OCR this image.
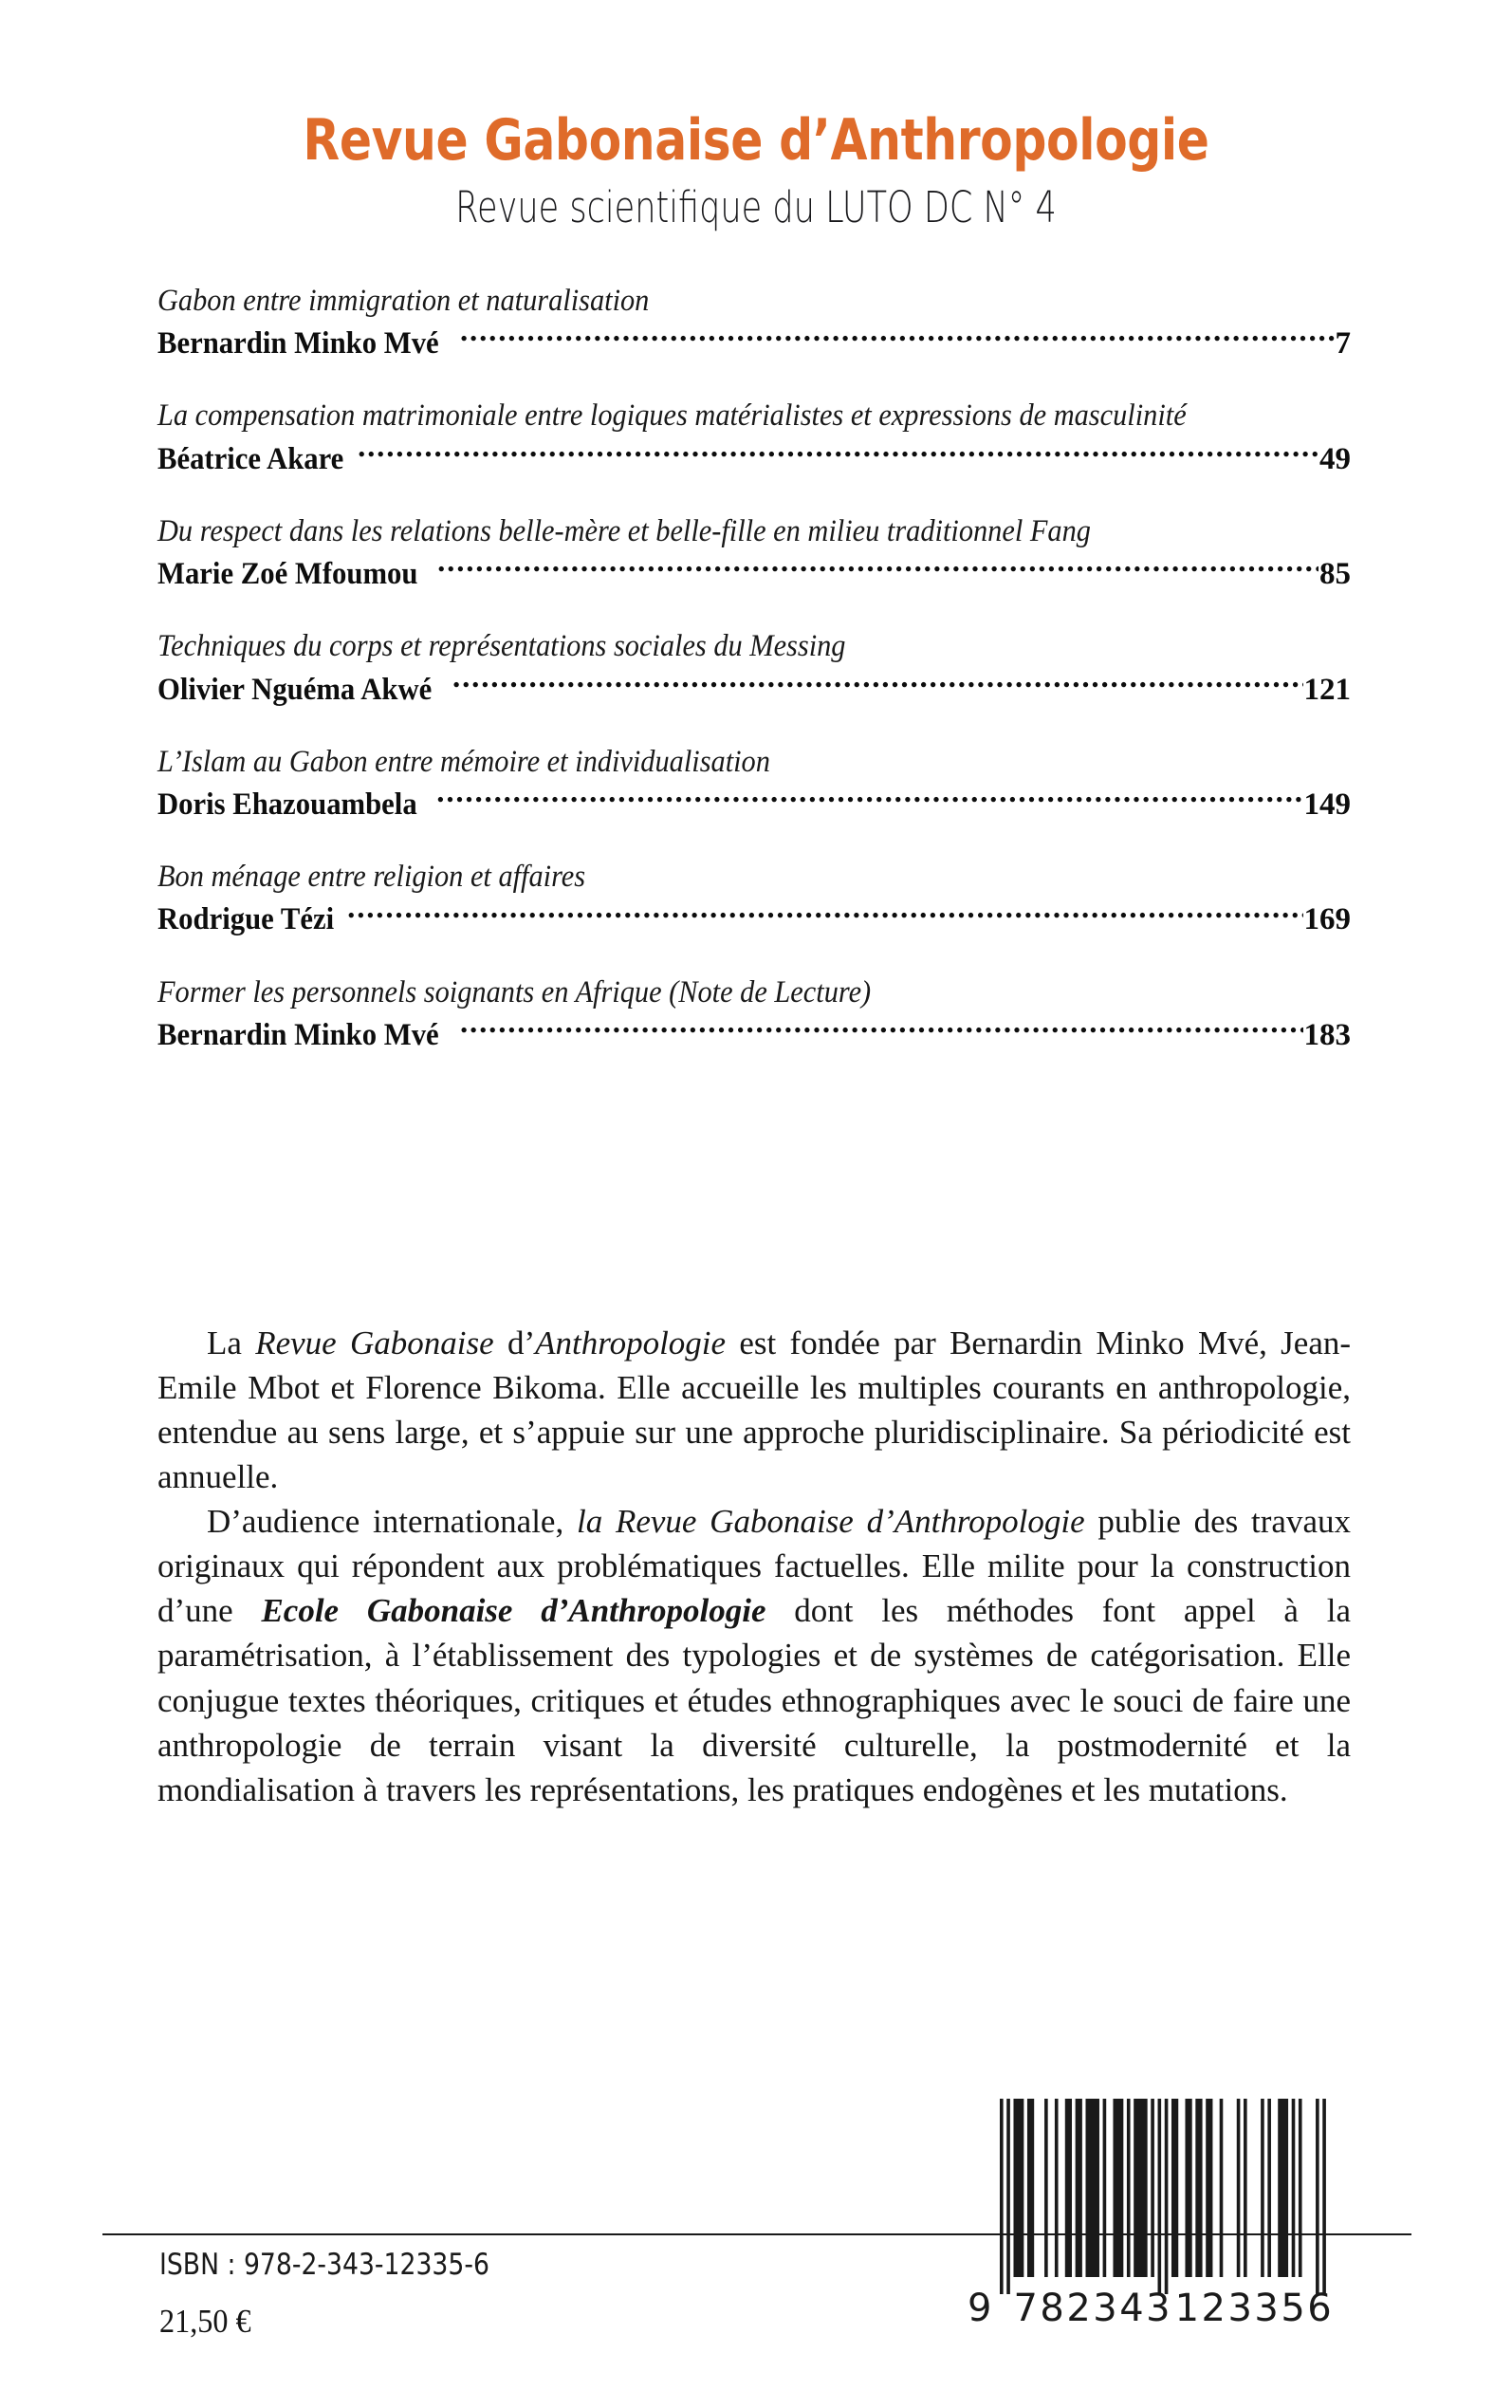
Revue Gabonaise d’Anthropologie
Revue scientifique du LUTO DC N° 4
Gabon entre immigration et naturalisation
Bernardin Minko Mvé .....	7
La compensation matrimoniale entre logiques matérialistes et expressions de masculinité
Béatrice Akare .....	49
Du respect dans les relations belle-mère et belle-fille en milieu traditionnel Fang
Marie Zoé Mfoumou .....	85
Techniques du corps et représentations sociales du Messing
Olivier Nguéma Akwé .....	121
L’Islam au Gabon entre mémoire et individualisation
Doris Ehazouambela .....	149
Bon ménage entre religion et affaires
Rodrigue Tézi .....	169
Former les personnels soignants en Afrique (Note de Lecture)
Bernardin Minko Mvé .....	183

La Revue Gabonaise d’Anthropologie est fondée par Bernardin Minko Mvé, Jean-Emile Mbot et Florence Bikoma. Elle accueille les multiples courants en anthropologie, entendue au sens large, et s’appuie sur une approche pluridisciplinaire. Sa périodicité est annuelle.

D’audience internationale, la Revue Gabonaise d’Anthropologie publie des travaux originaux qui répondent aux problématiques factuelles. Elle milite pour la construction d’une Ecole Gabonaise d’Anthropologie dont les méthodes font appel à la paramétrisation, à l’établissement des typologies et de systèmes de catégorisation. Elle conjugue textes théoriques, critiques et études ethnographiques avec le souci de faire une anthropologie de terrain visant la diversité culturelle, la postmodernité et la mondialisation à travers les représentations, les pratiques endogènes et les mutations.

ISBN : 978-2-343-12335-6
21,50 €	9 782343 123356
